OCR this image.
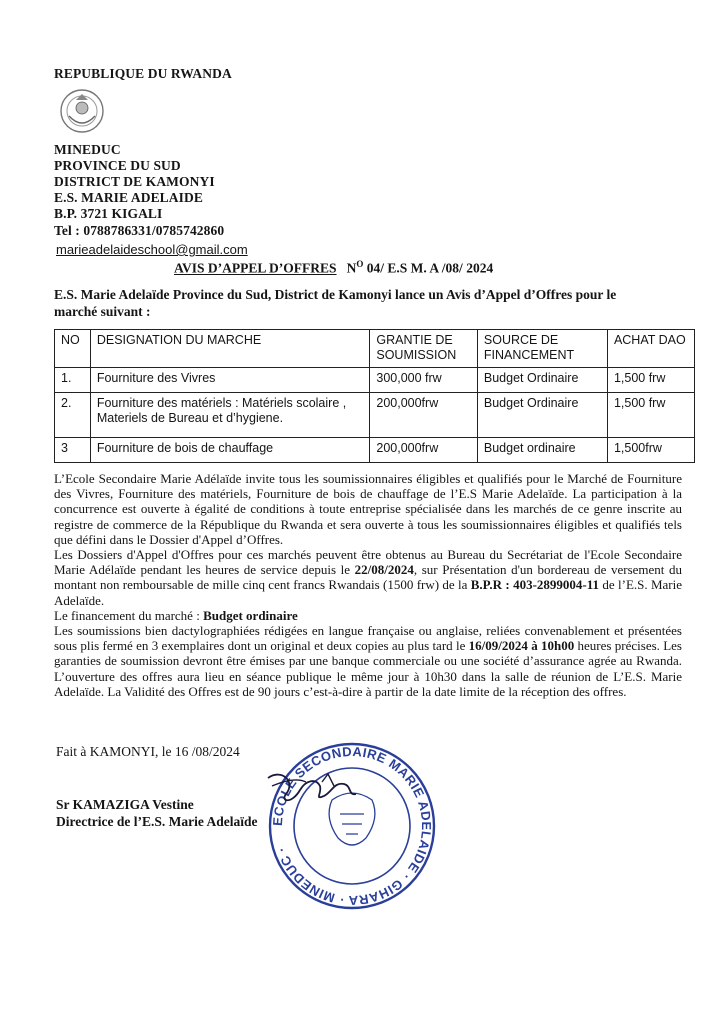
REPUBLIQUE DU RWANDA
MINEDUC
PROVINCE DU SUD
DISTRICT DE KAMONYI
E.S. MARIE ADELAIDE
B.P. 3721 KIGALI
Tel : 0788786331/0785742860
marieadelaideschool@gmail.com
AVIS D’APPEL D’OFFRES $N^O$ 04/ E.S M. A /08/ 2024
E.S. Marie Adelaïde Province du Sud, District de Kamonyi lance un Avis d’Appel d’Offres pour le marché suivant :
NO	DESIGNATION DU MARCHE	GRANTIE DE SOUMISSION	SOURCE DE FINANCEMENT	ACHAT DAO
1.	Fourniture des Vivres	300,000 frw	Budget Ordinaire	1,500 frw
2.	Fourniture des matériels : Matériels scolaire , Materiels de Bureau et d’hygiene.	200,000frw	Budget Ordinaire	1,500 frw
3	Fourniture de bois de chauffage	200,000frw	Budget ordinaire	1,500frw

L’Ecole Secondaire Marie Adélaïde invite tous les soumissionnaires éligibles et qualifiés pour le Marché de Fourniture des Vivres, Fourniture des matériels, Fourniture de bois de chauffage de l’E.S Marie Adelaïde. La participation à la concurrence est ouverte à égalité de conditions à toute entreprise spécialisée dans les marchés de ce genre inscrite au registre de commerce de la République du Rwanda et sera ouverte à tous les soumissionnaires éligibles et qualifiés tels que défini dans le Dossier d'Appel d’Offres.

Les Dossiers d'Appel d'Offres pour ces marchés peuvent être obtenus au Bureau du Secrétariat de l'Ecole Secondaire Marie Adélaïde pendant les heures de service depuis le 22/08/2024, sur Présentation d'un bordereau de versement du montant non remboursable de mille cinq cent francs Rwandais (1500 frw) de la B.P.R : 403-2899004-11 de l’E.S. Marie Adelaïde.

Le financement du marché : Budget ordinaire

Les soumissions bien dactylographiées rédigées en langue française ou anglaise, reliées convenablement et présentées sous plis fermé en 3 exemplaires dont un original et deux copies au plus tard le 16/09/2024 à 10h00 heures précises. Les garanties de soumission devront être émises par une banque commerciale ou une société d’assurance agrée au Rwanda. L’ouverture des offres aura lieu en séance publique le même jour à 10h30 dans la salle de réunion de L’E.S. Marie Adelaïde. La Validité des Offres est de 90 jours c’est-à-dire à partir de la date limite de la réception des offres.

Fait à KAMONYI, le 16 /08/2024
ECOLE SECONDAIRE MARIE ADELAIDE · GIHARA · MINEDUC ·
Sr KAMAZIGA Vestine
Directrice de l’E.S. Marie Adelaïde
